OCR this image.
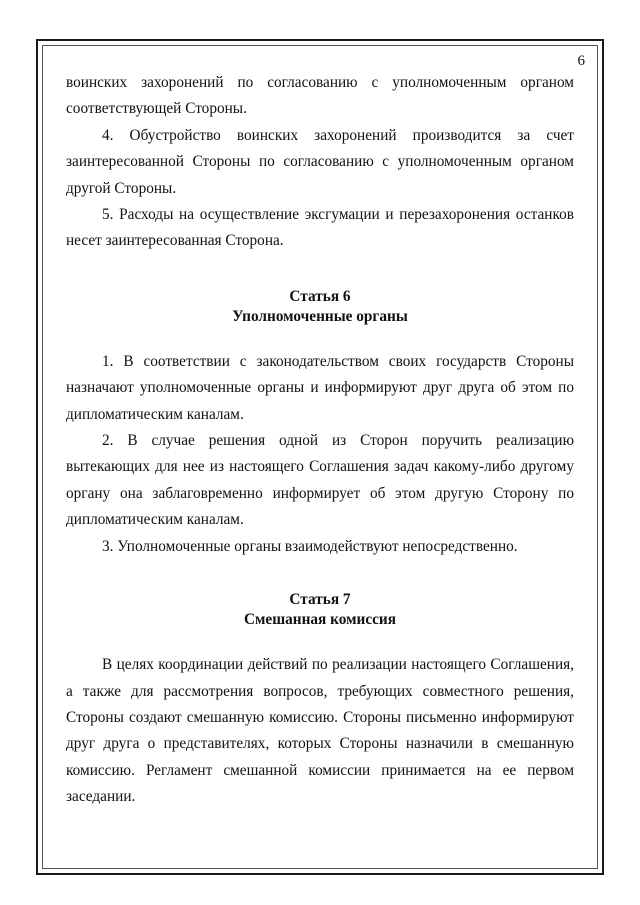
6

воинских захоронений по согласованию с уполномоченным органом соответствующей Стороны.

4. Обустройство воинских захоронений производится за счет заинтересованной Стороны по согласованию с уполномоченным органом другой Стороны.

5. Расходы на осуществление эксгумации и перезахоронения останков несет заинтересованная Сторона.

Статья 6

Уполномоченные органы

1. В соответствии с законодательством своих государств Стороны назначают уполномоченные органы и информируют друг друга об этом по дипломатическим каналам.

2. В случае решения одной из Сторон поручить реализацию вытекающих для нее из настоящего Соглашения задач какому-либо другому органу она заблаговременно информирует об этом другую Сторону по дипломатическим каналам.

3. Уполномоченные органы взаимодействуют непосредственно.

Статья 7

Смешанная комиссия

В целях координации действий по реализации настоящего Соглашения, а также для рассмотрения вопросов, требующих совместного решения, Стороны создают смешанную комиссию. Стороны письменно информируют друг друга о представителях, которых Стороны назначили в смешанную комиссию. Регламент смешанной комиссии принимается на ее первом заседании.
